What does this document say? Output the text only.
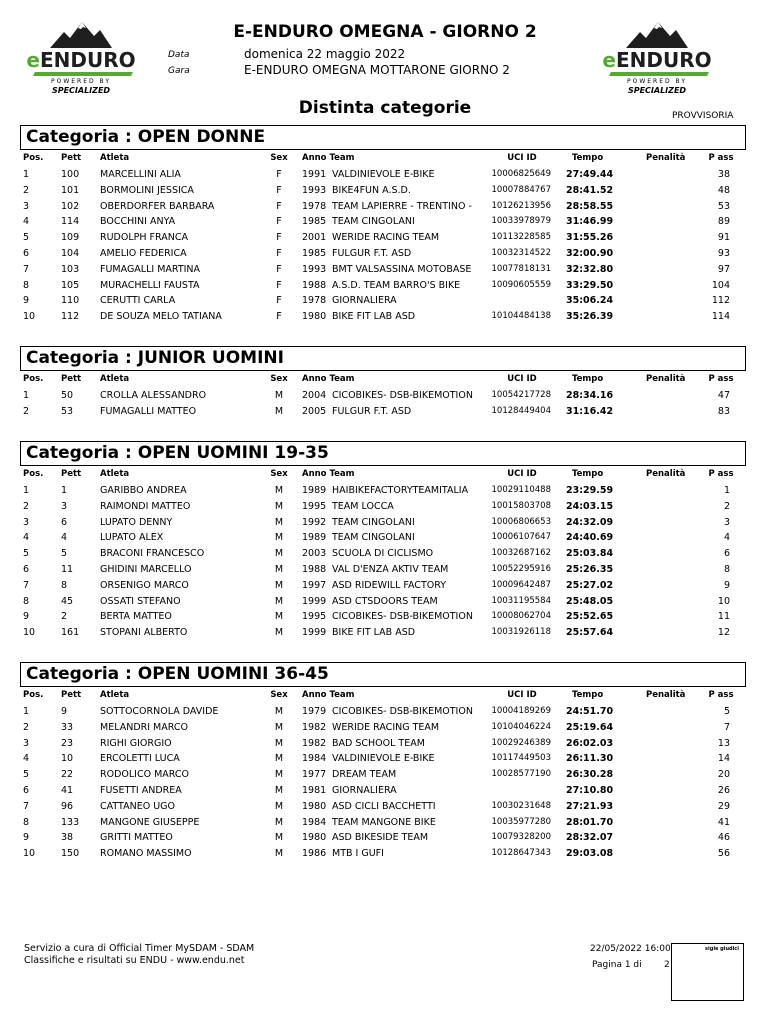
eENDURO
POWERED BY
SPECIALIZED
eENDURO
POWERED BY
SPECIALIZED
E-ENDURO OMEGNA - GIORNO 2
Data	domenica 22 maggio 2022
Gara	E-ENDURO OMEGNA MOTTARONE GIORNO 2
Distinta categorie	PROVVISORIA
Categoria : OPEN DONNE
Pos. Pett Atleta	Sex Anno Team	UCI ID	Tempo	Penalità	P ass
1	100 MARCELLINI ALIA	F	1991 VALDINIEVOLE E-BIKE	10006825649 27:49.44	38
2	101 BORMOLINI JESSICA	F	1993 BIKE4FUN A.S.D.	10007884767 28:41.52	48
3	102 OBERDORFER BARBARA	F	1978 TEAM LAPIERRE - TRENTINO -	10126213956 28:58.55	53
4	114 BOCCHINI ANYA	F	1985 TEAM CINGOLANI	10033978979 31:46.99	89
5	109 RUDOLPH FRANCA	F	2001 WERIDE RACING TEAM	10113228585 31:55.26	91
6	104 AMELIO FEDERICA	F	1985 FULGUR F.T. ASD	10032314522 32:00.90	93
7	103 FUMAGALLI MARTINA	F	1993 BMT VALSASSINA MOTOBASE	10077818131 32:32.80	97
8	105 MURACHELLI FAUSTA	F	1988 A.S.D. TEAM BARRO'S BIKE	10090605559 33:29.50	104
9	110 CERUTTI CARLA	F	1978 GIORNALIERA	35:06.24	112
10	112 DE SOUZA MELO TATIANA	F	1980 BIKE FIT LAB ASD	10104484138 35:26.39	114
Categoria : JUNIOR UOMINI
Pos. Pett Atleta	Sex Anno Team	UCI ID	Tempo	Penalità	P ass
1	50	CROLLA ALESSANDRO	M	2004 CICOBIKES- DSB-BIKEMOTION	10054217728 28:34.16	47
2	53	FUMAGALLI MATTEO	M	2005 FULGUR F.T. ASD	10128449404 31:16.42	83
Categoria : OPEN UOMINI 19-35
Pos. Pett Atleta	Sex Anno Team	UCI ID	Tempo	Penalità	P ass
1	1	GARIBBO ANDREA	M	1989 HAIBIKEFACTORYTEAMITALIA	10029110488 23:29.59	1
2	3	RAIMONDI MATTEO	M	1995 TEAM LOCCA	10015803708 24:03.15	2
3	6	LUPATO DENNY	M	1992 TEAM CINGOLANI	10006806653 24:32.09	3
4	4	LUPATO ALEX	M	1989 TEAM CINGOLANI	10006107647 24:40.69	4
5	5	BRACONI FRANCESCO	M	2003 SCUOLA DI CICLISMO	10032687162 25:03.84	6
6	11	GHIDINI MARCELLO	M	1988 VAL D'ENZA AKTIV TEAM	10052295916 25:26.35	8
7	8	ORSENIGO MARCO	M	1997 ASD RIDEWILL FACTORY	10009642487 25:27.02	9
8	45	OSSATI STEFANO	M	1999 ASD CTSDOORS TEAM	10031195584 25:48.05	10
9	2	BERTA MATTEO	M	1995 CICOBIKES- DSB-BIKEMOTION	10008062704 25:52.65	11
10	161 STOPANI ALBERTO	M	1999 BIKE FIT LAB ASD	10031926118 25:57.64	12
Categoria : OPEN UOMINI 36-45
Pos. Pett Atleta	Sex Anno Team	UCI ID	Tempo	Penalità	P ass
1	9	SOTTOCORNOLA DAVIDE	M	1979 CICOBIKES- DSB-BIKEMOTION	10004189269 24:51.70	5
2	33	MELANDRI MARCO	M	1982 WERIDE RACING TEAM	10104046224 25:19.64	7
3	23	RIGHI GIORGIO	M	1982 BAD SCHOOL TEAM	10029246389 26:02.03	13
4	10	ERCOLETTI LUCA	M	1984 VALDINIEVOLE E-BIKE	10117449503 26:11.30	14
5	22	RODOLICO MARCO	M	1977 DREAM TEAM	10028577190 26:30.28	20
6	41	FUSETTI ANDREA	M	1981 GIORNALIERA	27:10.80	26
7	96	CATTANEO UGO	M	1980 ASD CICLI BACCHETTI	10030231648 27:21.93	29
8	133 MANGONE GIUSEPPE	M	1984 TEAM MANGONE BIKE	10035977280 28:01.70	41
9	38	GRITTI MATTEO	M	1980 ASD BIKESIDE TEAM	10079328200 28:32.07	46
10	150 ROMANO MASSIMO	M	1986 MTB I GUFI	10128647343 29:03.08	56
Servizio a cura di Official Timer MySDAM - SDAM
Classifiche e risultati su ENDU - www.endu.net
22/05/2022 16:00
Pagina 1 di 2
sigle giudici
